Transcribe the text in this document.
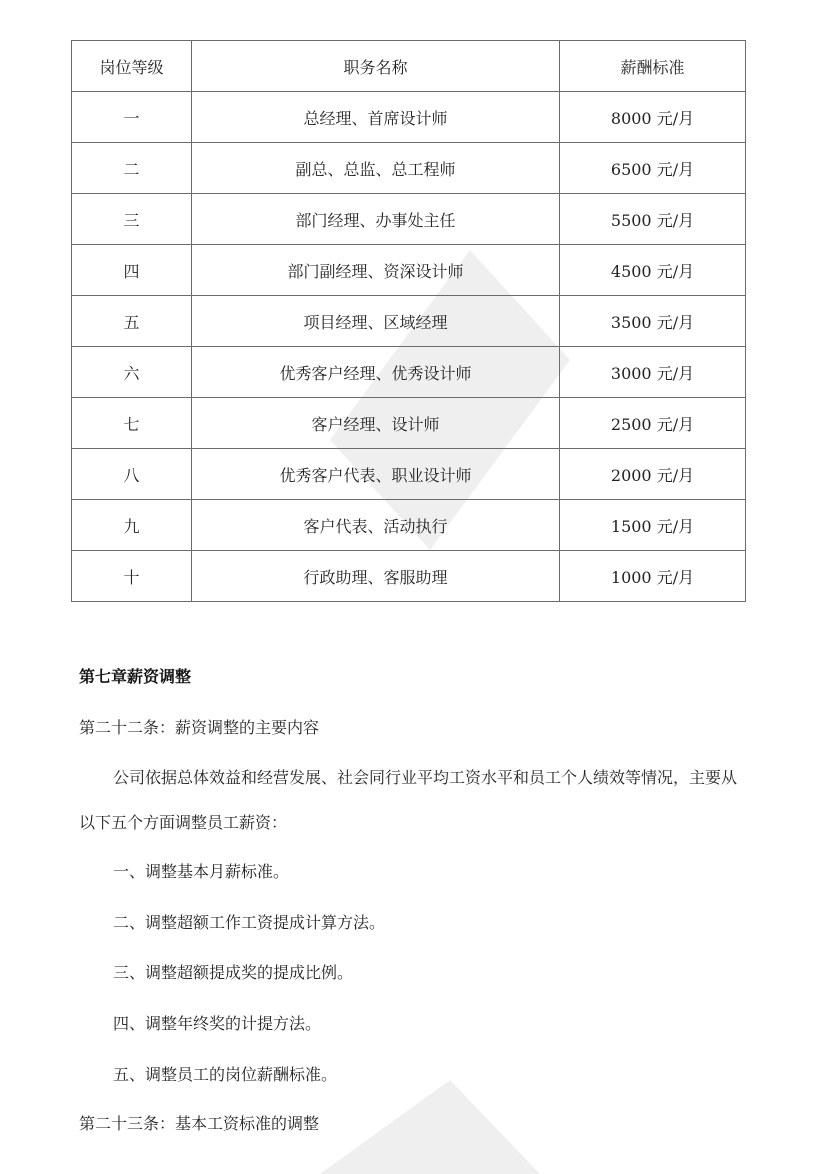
岗位等级	职务名称	薪酬标准
一	总经理、首席设计师	8000 元/月
二	副总、总监、总工程师	6500 元/月
三	部门经理、办事处主任	5500 元/月
四	部门副经理、资深设计师	4500 元/月
五	项目经理、区域经理	3500 元/月
六	优秀客户经理、优秀设计师	3000 元/月
七	客户经理、设计师	2500 元/月
八	优秀客户代表、职业设计师	2000 元/月
九	客户代表、活动执行	1500 元/月
十	行政助理、客服助理	1000 元/月
第七章薪资调整
第二十二条：薪资调整的主要内容
公司依据总体效益和经营发展、社会同行业平均工资水平和员工个人绩效等情况，主要从
以下五个方面调整员工薪资：
一、调整基本月薪标准。
二、调整超额工作工资提成计算方法。
三、调整超额提成奖的提成比例。
四、调整年终奖的计提方法。
五、调整员工的岗位薪酬标准。
第二十三条：基本工资标准的调整
